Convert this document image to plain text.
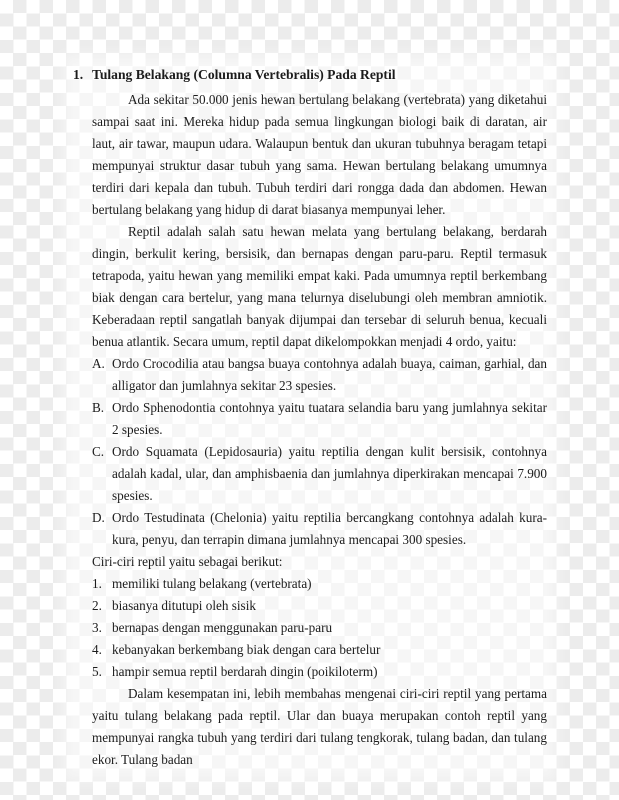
1. Tulang Belakang (Columna Vertebralis) Pada Reptil

Ada sekitar 50.000 jenis hewan bertulang belakang (vertebrata) yang diketahui sampai saat ini. Mereka hidup pada semua lingkungan biologi baik di daratan, air laut, air tawar, maupun udara. Walaupun bentuk dan ukuran tubuhnya beragam tetapi mempunyai struktur dasar tubuh yang sama. Hewan bertulang belakang umumnya terdiri dari kepala dan tubuh. Tubuh terdiri dari rongga dada dan abdomen. Hewan bertulang belakang yang hidup di darat biasanya mempunyai leher.

Reptil adalah salah satu hewan melata yang bertulang belakang, berdarah dingin, berkulit kering, bersisik, dan bernapas dengan paru-paru. Reptil termasuk tetrapoda, yaitu hewan yang memiliki empat kaki. Pada umumnya reptil berkembang biak dengan cara bertelur, yang mana telurnya diselubungi oleh membran amniotik. Keberadaan reptil sangatlah banyak dijumpai dan tersebar di seluruh benua, kecuali benua atlantik. Secara umum, reptil dapat dikelompokkan menjadi 4 ordo, yaitu:

A. Ordo Crocodilia atau bangsa buaya contohnya adalah buaya, caiman, garhial, dan alligator dan jumlahnya sekitar 23 spesies.
B. Ordo Sphenodontia contohnya yaitu tuatara selandia baru yang jumlahnya sekitar 2 spesies.
C. Ordo Squamata (Lepidosauria) yaitu reptilia dengan kulit bersisik, contohnya adalah kadal, ular, dan amphisbaenia dan jumlahnya diperkirakan mencapai 7.900 spesies.
D. Ordo Testudinata (Chelonia) yaitu reptilia bercangkang contohnya adalah kura-kura, penyu, dan terrapin dimana jumlahnya mencapai 300 spesies.

Ciri-ciri reptil yaitu sebagai berikut:

1. memiliki tulang belakang (vertebrata)
2. biasanya ditutupi oleh sisik
3. bernapas dengan menggunakan paru-paru
4. kebanyakan berkembang biak dengan cara bertelur
5. hampir semua reptil berdarah dingin (poikiloterm)

Dalam kesempatan ini, lebih membahas mengenai ciri-ciri reptil yang pertama yaitu tulang belakang pada reptil. Ular dan buaya merupakan contoh reptil yang mempunyai rangka tubuh yang terdiri dari tulang tengkorak, tulang badan, dan tulang ekor. Tulang badan
